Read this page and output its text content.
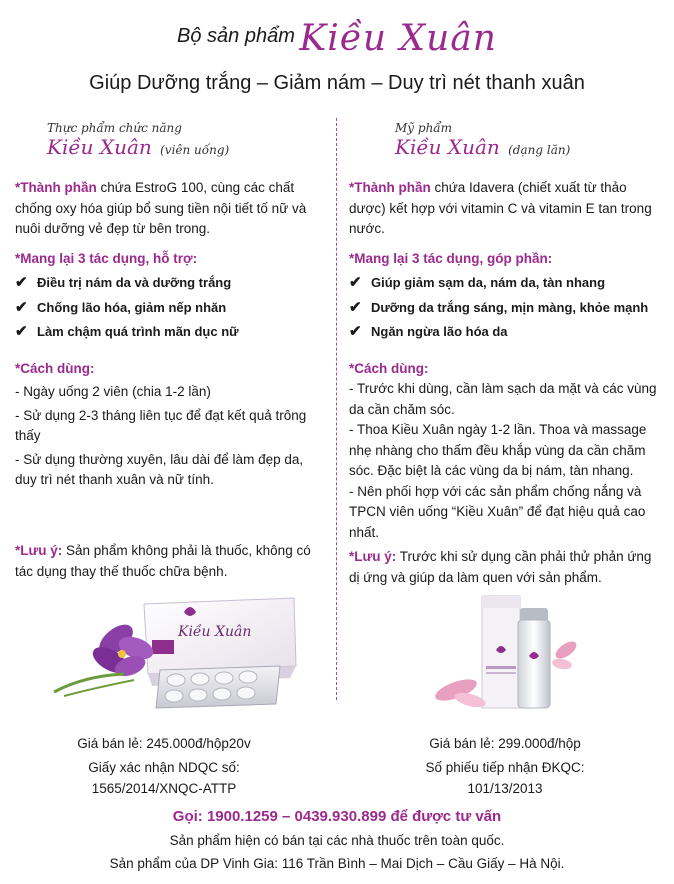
Bộ sản phẩm Kiều Xuân
Giúp Dưỡng trắng – Giảm nám – Duy trì nét thanh xuân
Thực phẩm chức năng
Kiều Xuân (viên uống)

*Thành phần chứa EstroG 100, cùng các chất chống oxy hóa giúp bổ sung tiền nội tiết tố nữ và nuôi dưỡng vẻ đẹp từ bên trong.

*Mang lại 3 tác dụng, hỗ trợ:
✔ Điều trị nám da và dưỡng trắng
✔ Chống lão hóa, giảm nếp nhăn
✔ Làm chậm quá trình mãn dục nữ
*Cách dùng:

- Ngày uống 2 viên (chia 1-2 lần)

- Sử dụng 2-3 tháng liên tục để đạt kết quả trông thấy

- Sử dụng thường xuyên, lâu dài để làm đẹp da, duy trì nét thanh xuân và nữ tính.

*Lưu ý: Sản phẩm không phải là thuốc, không có tác dụng thay thế thuốc chữa bệnh.

Kiều Xuân
Giá bán lẻ: 245.000đ/hộp20v
Giấy xác nhận NDQC số:
1565/2014/XNQC-ATTP
Mỹ phẩm
Kiều Xuân (dạng lăn)

*Thành phần chứa Idavera (chiết xuất từ thảo dược) kết hợp với vitamin C và vitamin E tan trong nước.

*Mang lại 3 tác dụng, góp phần:
✔ Giúp giảm sạm da, nám da, tàn nhang
✔ Dưỡng da trắng sáng, mịn màng, khỏe mạnh
✔ Ngăn ngừa lão hóa da
*Cách dùng:

- Trước khi dùng, cần làm sạch da mặt và các vùng da cần chăm sóc.

- Thoa Kiều Xuân ngày 1-2 lần. Thoa và massage nhẹ nhàng cho thấm đều khắp vùng da cần chăm sóc. Đặc biệt là các vùng da bị nám, tàn nhang.

- Nên phối hợp với các sản phẩm chống nắng và TPCN viên uống “Kiều Xuân” để đạt hiệu quả cao nhất.

*Lưu ý: Trước khi sử dụng cần phải thử phản ứng dị ứng và giúp da làm quen với sản phẩm.

Giá bán lẻ: 299.000đ/hộp
Số phiếu tiếp nhận ĐKQC:
101/13/2013
Gọi: 1900.1259 – 0439.930.899 để được tư vấn
Sản phẩm hiện có bán tại các nhà thuốc trên toàn quốc.
Sản phẩm của DP Vinh Gia: 116 Trần Bình – Mai Dịch – Cầu Giấy – Hà Nội.
